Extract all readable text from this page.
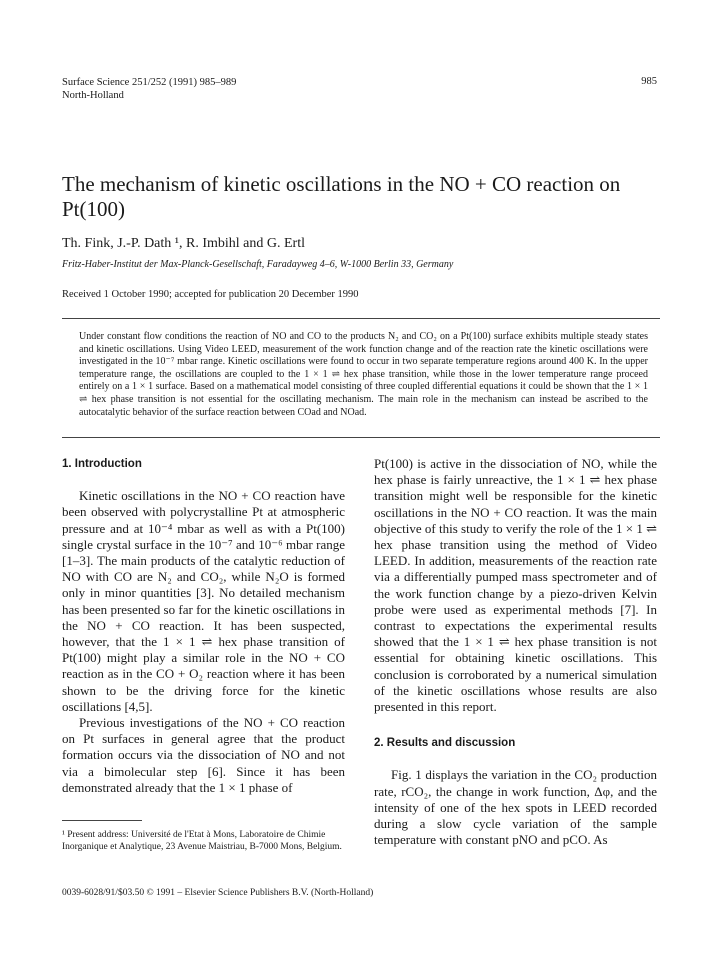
Surface Science 251/252 (1991) 985–989
North-Holland
985
The mechanism of kinetic oscillations in the NO + CO reaction on Pt(100)
Th. Fink, J.-P. Dath ¹, R. Imbihl and G. Ertl
Fritz-Haber-Institut der Max-Planck-Gesellschaft, Faradayweg 4–6, W-1000 Berlin 33, Germany
Received 1 October 1990; accepted for publication 20 December 1990
Under constant flow conditions the reaction of NO and CO to the products N₂ and CO₂ on a Pt(100) surface exhibits multiple steady states and kinetic oscillations. Using Video LEED, measurement of the work function change and of the reaction rate the kinetic oscillations were investigated in the 10⁻⁷ mbar range. Kinetic oscillations were found to occur in two separate temperature regions around 400 K. In the upper temperature range, the oscillations are coupled to the 1 × 1 ⇌ hex phase transition, while those in the lower temperature range proceed entirely on a 1 × 1 surface. Based on a mathematical model consisting of three coupled differential equations it could be shown that the 1 × 1 ⇌ hex phase transition is not essential for the oscillating mechanism. The main role in the mechanism can instead be ascribed to the autocatalytic behavior of the surface reaction between COad and NOad.

1. Introduction

Kinetic oscillations in the NO + CO reaction have been observed with polycrystalline Pt at atmospheric pressure and at 10⁻⁴ mbar as well as with a Pt(100) single crystal surface in the 10⁻⁷ and 10⁻⁶ mbar range [1–3]. The main products of the catalytic reduction of NO with CO are N₂ and CO₂, while N₂O is formed only in minor quantities [3]. No detailed mechanism has been presented so far for the kinetic oscillations in the NO + CO reaction. It has been suspected, however, that the 1 × 1 ⇌ hex phase transition of Pt(100) might play a similar role in the NO + CO reaction as in the CO + O₂ reaction where it has been shown to be the driving force for the kinetic oscillations [4,5].

Previous investigations of the NO + CO reaction on Pt surfaces in general agree that the product formation occurs via the dissociation of NO and not via a bimolecular step [6]. Since it has been demonstrated already that the 1 × 1 phase of

Pt(100) is active in the dissociation of NO, while the hex phase is fairly unreactive, the 1 × 1 ⇌ hex phase transition might well be responsible for the kinetic oscillations in the NO + CO reaction. It was the main objective of this study to verify the role of the 1 × 1 ⇌ hex phase transition using the method of Video LEED. In addition, measurements of the reaction rate via a differentially pumped mass spectrometer and of the work function change by a piezo-driven Kelvin probe were used as experimental methods [7]. In contrast to expectations the experimental results showed that the 1 × 1 ⇌ hex phase transition is not essential for obtaining kinetic oscillations. This conclusion is corroborated by a numerical simulation of the kinetic oscillations whose results are also presented in this report.

2. Results and discussion

Fig. 1 displays the variation in the CO₂ production rate, rCO₂, the change in work function, Δφ, and the intensity of one of the hex spots in LEED recorded during a slow cycle variation of the sample temperature with constant pNO and pCO. As

¹ Present address: Université de l'Etat à Mons, Laboratoire de Chimie Inorganique et Analytique, 23 Avenue Maistriau, B-7000 Mons, Belgium.
0039-6028/91/$03.50 © 1991 – Elsevier Science Publishers B.V. (North-Holland)
